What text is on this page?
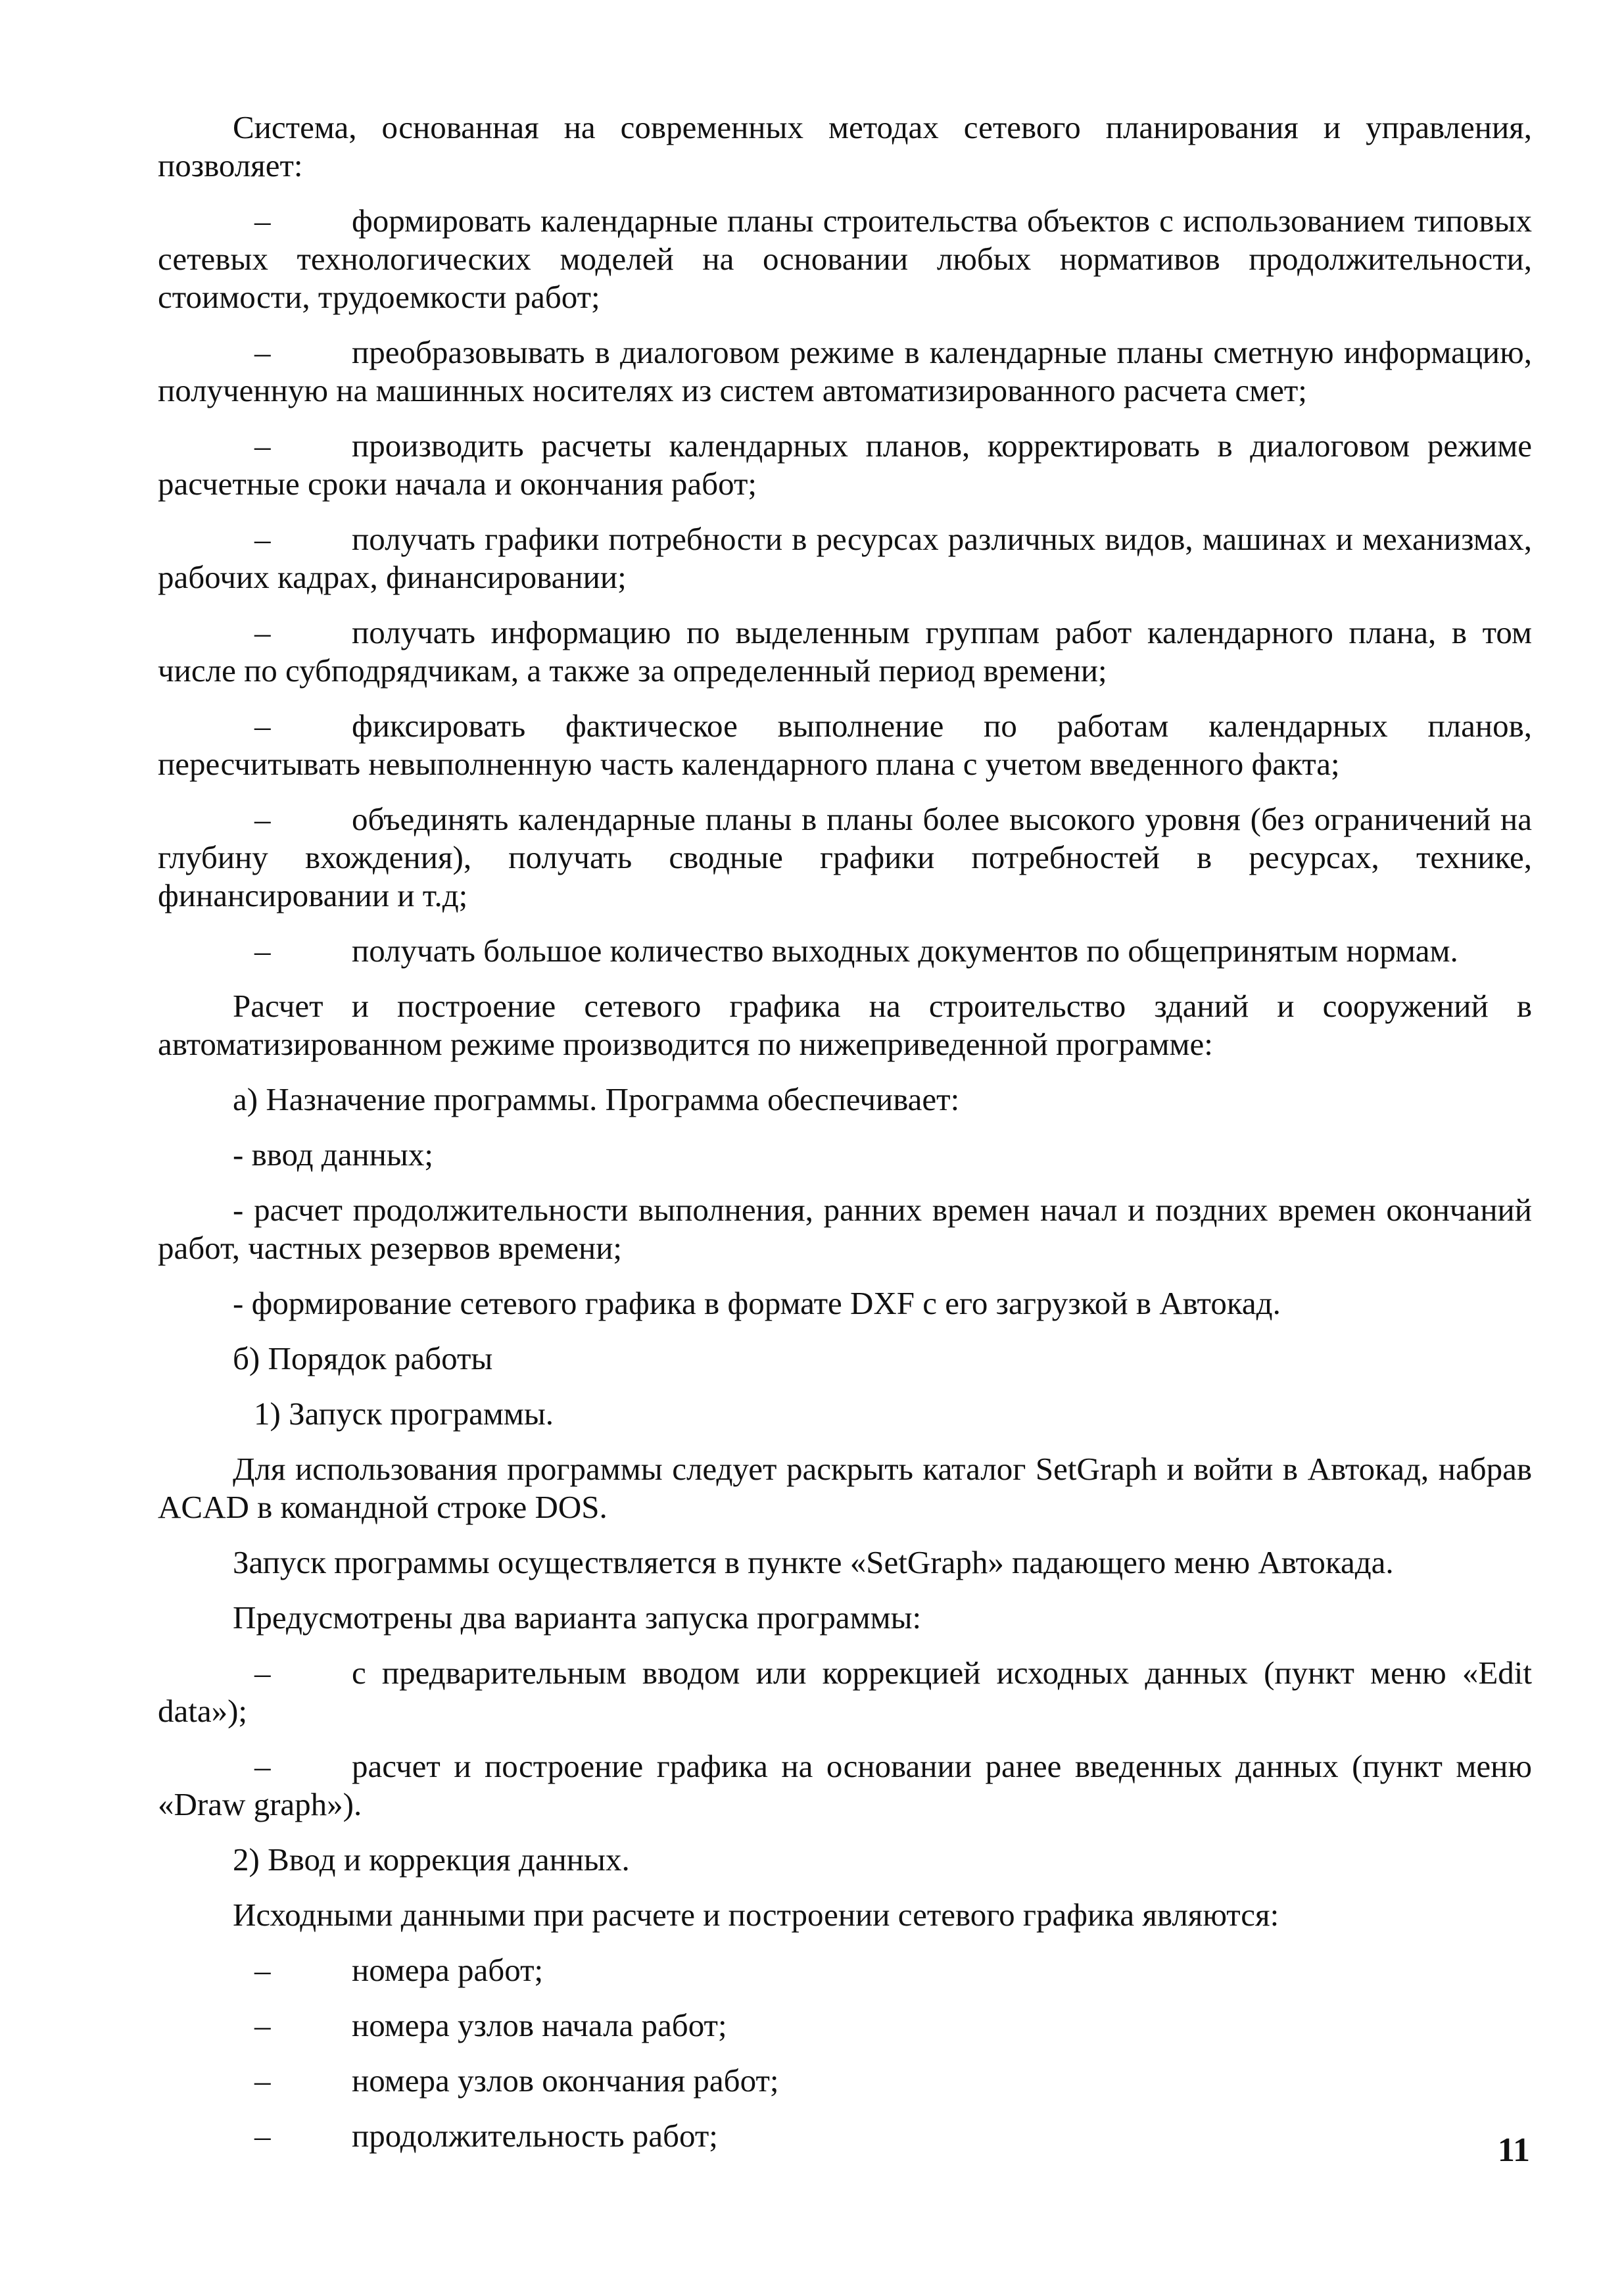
Система, основанная на современных методах сетевого планирования и управления, позволяет:

–	формировать календарные планы строительства объектов с использованием типовых сетевых технологических моделей на основании любых нормативов продолжительности, стоимости, трудоемкости работ;

–	преобразовывать в диалоговом режиме в календарные планы сметную информацию, полученную на машинных носителях из систем автоматизированного расчета смет;

–	производить расчеты календарных планов, корректировать в диалоговом режиме расчетные сроки начала и окончания работ;

–	получать графики потребности в ресурсах различных видов, машинах и механизмах, рабочих кадрах, финансировании;

–	получать информацию по выделенным группам работ календарного плана, в том числе по субподрядчикам, а также за определенный период времени;

–	фиксировать фактическое выполнение по работам календарных планов, пересчитывать невыполненную часть календарного плана с учетом введенного факта;

–	объединять календарные планы в планы более высокого уровня (без ограничений на глубину вхождения), получать сводные графики потребностей в ресурсах, технике, финансировании и т.д;

–	получать большое количество выходных документов по общепринятым нормам.

Расчет и построение сетевого графика на строительство зданий и сооружений в автоматизированном режиме производится по нижеприведенной программе:

а) Назначение программы. Программа обеспечивает:

- ввод данных;

- расчет продолжительности выполнения, ранних времен начал и поздних времен окончаний работ, частных резервов времени;

- формирование сетевого графика в формате DXF с его загрузкой в Автокад.

б) Порядок работы

1) Запуск программы.

Для использования программы следует раскрыть каталог SetGraph и войти в Автокад, набрав ACAD в командной строке DOS.

Запуск программы осуществляется в пункте «SetGraph» падающего меню Автокада.

Предусмотрены два варианта запуска программы:

–	с предварительным вводом или коррекцией исходных данных (пункт меню «Edit data»);

–	расчет и построение графика на основании ранее введенных данных (пункт меню «Draw graph»).

2) Ввод и коррекция данных.

Исходными данными при расчете и построении сетевого графика являются:

–	номера работ;

–	номера узлов начала работ;

–	номера узлов окончания работ;

–	продолжительность работ;	11
